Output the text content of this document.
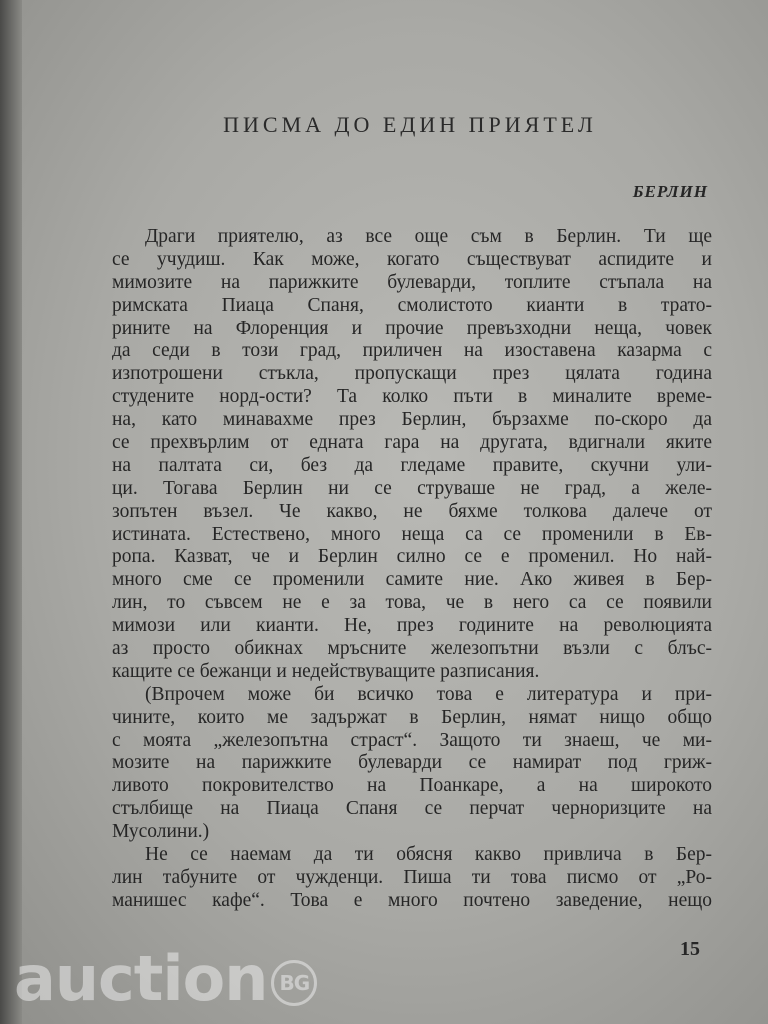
ПИСМА ДО ЕДИН ПРИЯТЕЛ
БЕРЛИН
Драги приятелю, аз все още съм в Берлин. Ти ще
се учудиш. Как може, когато съществуват аспидите и
мимозите на парижките булеварди, топлите стъпала на
римската Пиаца Спаня, смолистото кианти в трато-
рините на Флоренция и прочие превъзходни неща, човек
да седи в този град, приличен на изоставена казарма с
изпотрошени стъкла, пропускащи през цялата година
студените норд-ости? Та колко пъти в миналите време-
на, като минавахме през Берлин, бързахме по-скоро да
се прехвърлим от едната гара на другата, вдигнали яките
на палтата си, без да гледаме правите, скучни ули-
ци. Тогава Берлин ни се струваше не град, а желе-
зопътен възел. Че какво, не бяхме толкова далече от
истината. Естествено, много неща са се променили в Ев-
ропа. Казват, че и Берлин силно се е променил. Но най-
много сме се променили самите ние. Ако живея в Бер-
лин, то съвсем не е за това, че в него са се появили
мимози или кианти. Не, през годините на революцията
аз просто обикнах мръсните железопътни възли с блъс-
кащите се бежанци и недействуващите разписания.
(Впрочем може би всичко това е литература и при-
чините, които ме задържат в Берлин, нямат нищо общо
с моята „железопътна страст“. Защото ти знаеш, че ми-
мозите на парижките булеварди се намират под гриж-
ливото покровителство на Поанкаре, а на широкото
стълбище на Пиаца Спаня се перчат черноризците на
Мусолини.)
Не се наемам да ти обясня какво привлича в Бер-
лин табуните от чужденци. Пиша ти това писмо от „Ро-
манишес кафе“. Това е много почтено заведение, нещо
15
auction BG
